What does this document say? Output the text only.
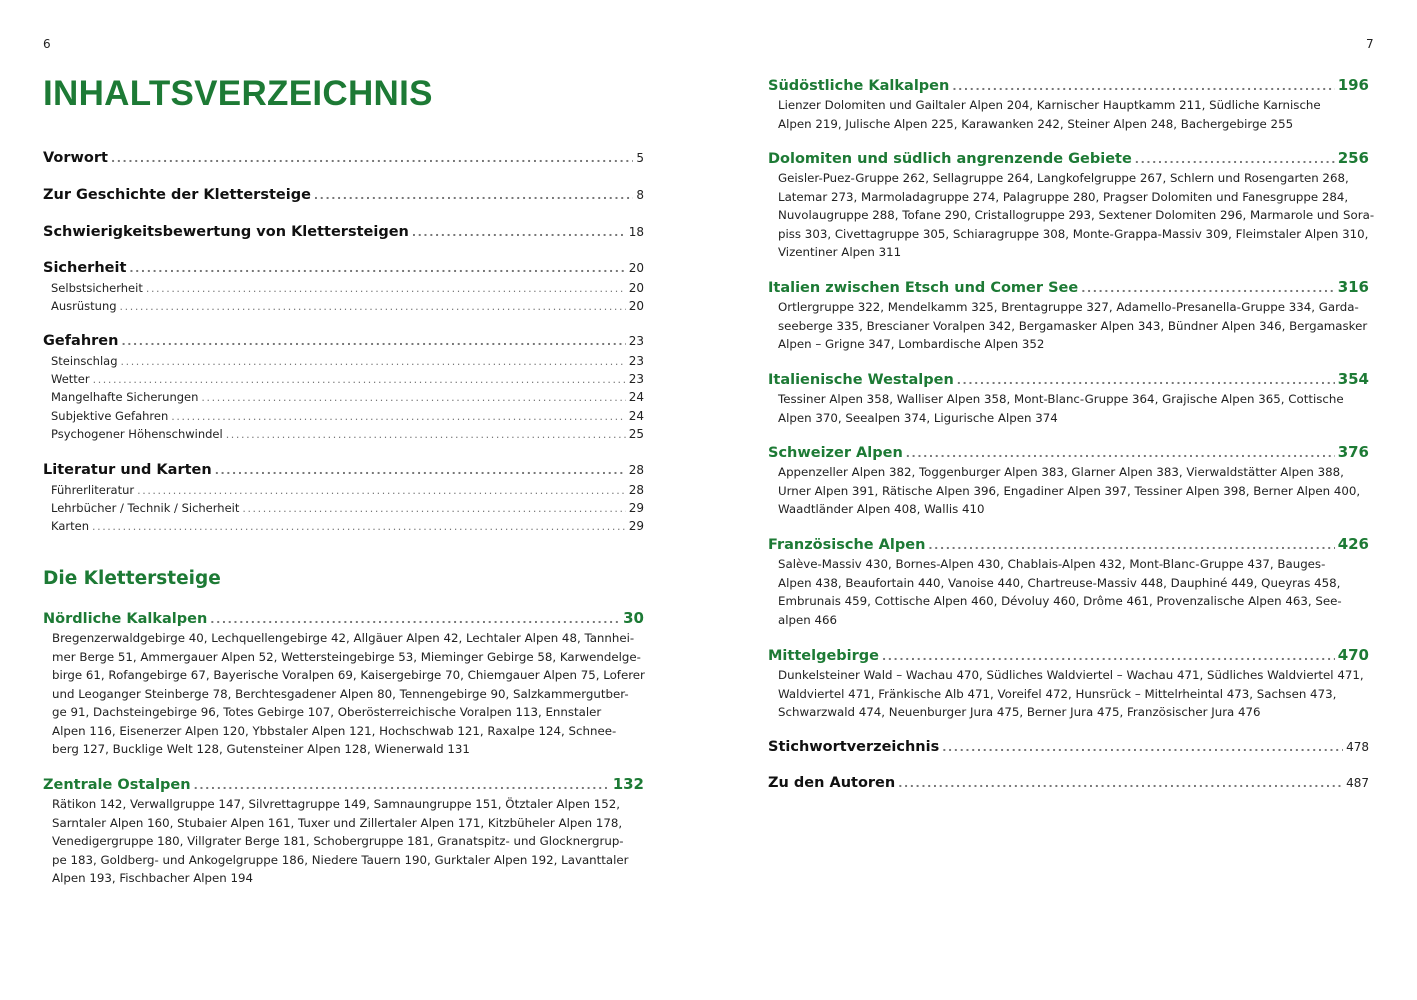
6	7
INHALTSVERZEICHNIS
Vorwort .....	5
Zur Geschichte der Klettersteige .....	8
Schwierigkeitsbewertung von Klettersteigen .....	18
Sicherheit .....	20
Selbstsicherheit .....	20
Ausrüstung .....	20
Gefahren .....	23
Steinschlag .....	23
Wetter .....	23
Mangelhafte Sicherungen .....	24
Subjektive Gefahren .....	24
Psychogener Höhenschwindel .....	25
Literatur und Karten .....	28
Führerliteratur .....	28
Lehrbücher / Technik / Sicherheit .....	29
Karten .....	29
Die Klettersteige
Nördliche Kalkalpen .....	30
Bregenzerwaldgebirge 40, Lechquellengebirge 42, Allgäuer Alpen 42, Lechtaler Alpen 48, Tannhei-
mer Berge 51, Ammergauer Alpen 52, Wettersteingebirge 53, Mieminger Gebirge 58, Karwendelge-
birge 61, Rofangebirge 67, Bayerische Voralpen 69, Kaisergebirge 70, Chiemgauer Alpen 75, Loferer
und Leoganger Steinberge 78, Berchtesgadener Alpen 80, Tennengebirge 90, Salzkammergutber-
ge 91, Dachsteingebirge 96, Totes Gebirge 107, Oberösterreichische Voralpen 113, Ennstaler
Alpen 116, Eisenerzer Alpen 120, Ybbstaler Alpen 121, Hochschwab 121, Raxalpe 124, Schnee-
berg 127, Bucklige Welt 128, Gutensteiner Alpen 128, Wienerwald 131
Zentrale Ostalpen .....	132
Rätikon 142, Verwallgruppe 147, Silvrettagruppe 149, Samnaungruppe 151, Ötztaler Alpen 152,
Sarntaler Alpen 160, Stubaier Alpen 161, Tuxer und Zillertaler Alpen 171, Kitzbüheler Alpen 178,
Venedigergruppe 180, Villgrater Berge 181, Schobergruppe 181, Granatspitz- und Glocknergrup-
pe 183, Goldberg- und Ankogelgruppe 186, Niedere Tauern 190, Gurktaler Alpen 192, Lavanttaler
Alpen 193, Fischbacher Alpen 194
Südöstliche Kalkalpen .....	196
Lienzer Dolomiten und Gailtaler Alpen 204, Karnischer Hauptkamm 211, Südliche Karnische
Alpen 219, Julische Alpen 225, Karawanken 242, Steiner Alpen 248, Bachergebirge 255
Dolomiten und südlich angrenzende Gebiete .....	256
Geisler-Puez-Gruppe 262, Sellagruppe 264, Langkofelgruppe 267, Schlern und Rosengarten 268,
Latemar 273, Marmoladagruppe 274, Palagruppe 280, Pragser Dolomiten und Fanesgruppe 284,
Nuvolaugruppe 288, Tofane 290, Cristallogruppe 293, Sextener Dolomiten 296, Marmarole und Sora-
piss 303, Civettagruppe 305, Schiaragruppe 308, Monte-Grappa-Massiv 309, Fleimstaler Alpen 310,
Vizentiner Alpen 311
Italien zwischen Etsch und Comer See .....	316
Ortlergruppe 322, Mendelkamm 325, Brentagruppe 327, Adamello-Presanella-Gruppe 334, Garda-
seeberge 335, Brescianer Voralpen 342, Bergamasker Alpen 343, Bündner Alpen 346, Bergamasker
Alpen – Grigne 347, Lombardische Alpen 352
Italienische Westalpen .....	354
Tessiner Alpen 358, Walliser Alpen 358, Mont-Blanc-Gruppe 364, Grajische Alpen 365, Cottische
Alpen 370, Seealpen 374, Ligurische Alpen 374
Schweizer Alpen .....	376
Appenzeller Alpen 382, Toggenburger Alpen 383, Glarner Alpen 383, Vierwaldstätter Alpen 388,
Urner Alpen 391, Rätische Alpen 396, Engadiner Alpen 397, Tessiner Alpen 398, Berner Alpen 400,
Waadtländer Alpen 408, Wallis 410
Französische Alpen .....	426
Salève-Massiv 430, Bornes-Alpen 430, Chablais-Alpen 432, Mont-Blanc-Gruppe 437, Bauges-
Alpen 438, Beaufortain 440, Vanoise 440, Chartreuse-Massiv 448, Dauphiné 449, Queyras 458,
Embrunais 459, Cottische Alpen 460, Dévoluy 460, Drôme 461, Provenzalische Alpen 463, See-
alpen 466
Mittelgebirge .....	470
Dunkelsteiner Wald – Wachau 470, Südliches Waldviertel – Wachau 471, Südliches Waldviertel 471,
Waldviertel 471, Fränkische Alb 471, Voreifel 472, Hunsrück – Mittelrheintal 473, Sachsen 473,
Schwarzwald 474, Neuenburger Jura 475, Berner Jura 475, Französischer Jura 476
Stichwortverzeichnis .....	478
Zu den Autoren .....	487
